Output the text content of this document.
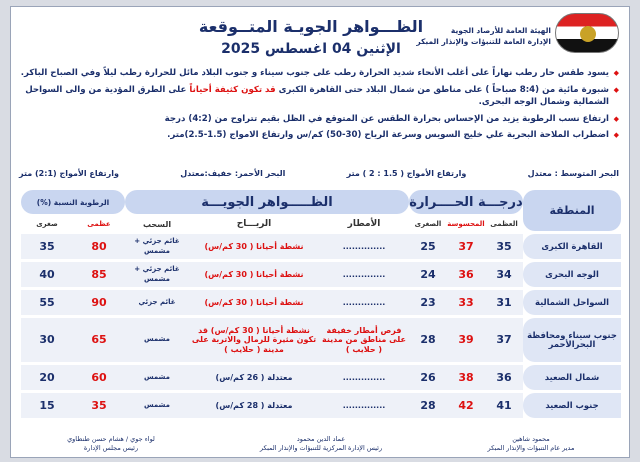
الهيئة العامة للأرصاد الجوية
الإدارة العامة للتنبؤات والإنذار المبكر
الظـــواهر الجويـة المتــوقعة
الإثنين 04 اغسطس 2025
◆ يسود طقس حار رطب نهاراً على أغلب الأنحاء شديد الحرارة رطب على جنوب سيناء و جنوب البلاد مائل للحرارة رطب ليلاً وفي الصباح الباكر.
◆ شبورة مائية من (8:4 صباحاً ) على مناطق من شمال البلاد حتى القاهرة الكبرى قد تكون كثيفة أحياناً على الطرق المؤدية من والى السواحل الشمالية وشمال الوجه البحرى.
◆ ارتفاع نسب الرطوبة يزيد من الإحساس بحرارة الطقس عن المتوقع في الظل بقيم تتراوح من (4:2) درجة
◆ اضطراب الملاحة البحرية علي خليج السويس وسرعة الرياح (30-50) كم/س وارتفاع الامواج (1.5-2.5)متر.
البحر المتوسط : معتدل
وارتفاع الأمواج ( 1.5 : 2 ) متر
البحر الأحمر: خفيف:معتدل
وارتفاع الأمواج (2:1) متر
المنطقة	درجـــة الحــــرارة			الظـــــواهر الجويـــة			الرطوبة النسبة (%)	
	العظمى	المحسوسة	الصغرى	الأمطار	الريـــاح	السحب	عظمى	صغرى
القاهرة الكبرى	35	37	25	..............	نشطة أحيانا ( 30 كم/س)	غائم جزئي + مشمس	80	35
الوجه البحرى	34	36	24	..............	نشطة أحيانا ( 30 كم/س)	غائم جزئي + مشمس	85	40
السواحل الشمالية	31	33	23	..............	نشطة أحيانا ( 30 كم/س)	غائم جزئي	90	55
جنوب سيناء ومحافظة البحرالأحمر	37	39	28	فرص أمطار خفيفة على مناطق من مدينة ( حلايب )	نشطة أحيانا ( 30 كم/س) قد تكون مثيرة للرمال والاتربة على مدينة ( حلايب )	مشمس	65	30
شمال الصعيد	36	38	26	..............	معتدلة ( 26 كم/س)	مشمس	60	20
جنوب الصعيد	41	42	28	..............	معتدلة ( 28 كم/س)	مشمس	35	15
محمود شاهين
مدير عام التنبؤات والإنذار المبكر
عماد الدين محمود
رئيس الإدارة المركزية للتنبؤات والإنذار المبكر
لواء جوي / هشام حسن طنطاوي
رئيس مجلس الإدارة
